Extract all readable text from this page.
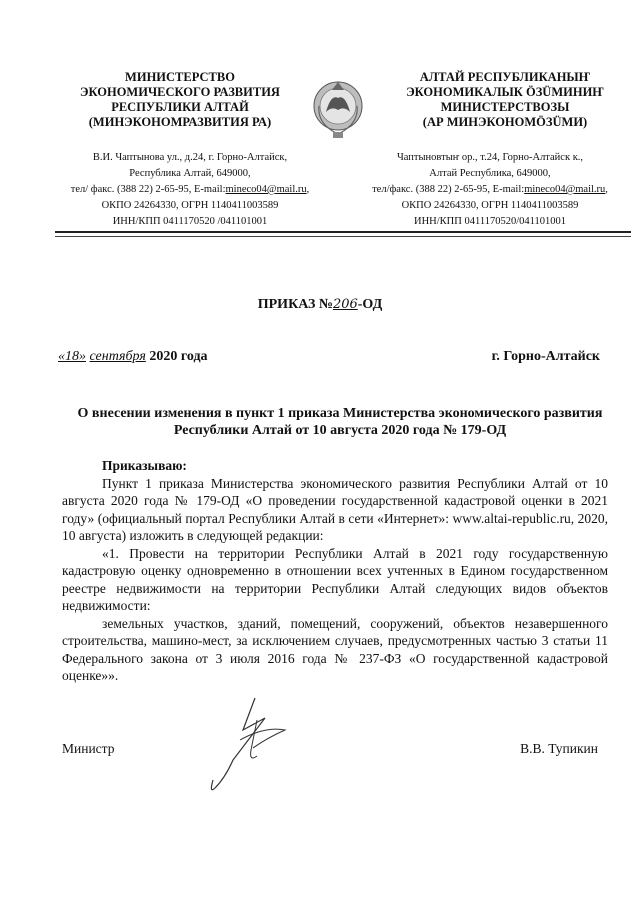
МИНИСТЕРСТВО
ЭКОНОМИЧЕСКОГО РАЗВИТИЯ
РЕСПУБЛИКИ АЛТАЙ
(МИНЭКОНОМРАЗВИТИЯ РА)
АЛТАЙ РЕСПУБЛИКАНЫҤ
ЭКОНОМИКАЛЫК ÖЗÜМИНИҤ
МИНИСТЕРСТВОЗЫ
(АР МИНЭКОНОМÖЗÜМИ)
В.И. Чаптынова ул., д.24, г. Горно-Алтайск,
Республика Алтай, 649000,
тел/ факс. (388 22) 2-65-95, E-mail:mineco04@mail.ru,
ОКПО 24264330, ОГРН 1140411003589
ИНН/КПП 0411170520 /041101001
Чаптыновтыҥ ор., т.24, Горно-Алтайск к.,
Алтай Республика, 649000,
тел/факс. (388 22) 2-65-95, E-mail:mineco04@mail.ru,
ОКПО 24264330, ОГРН 1140411003589
ИНН/КПП 0411170520/041101001
ПРИКАЗ №206-ОД
«18» сентября 2020 года	г. Горно-Алтайск
О внесении изменения в пункт 1 приказа Министерства экономического развития Республики Алтай от 10 августа 2020 года № 179-ОД

Приказываю:

Пункт 1 приказа Министерства экономического развития Республики Алтай от 10 августа 2020 года № 179-ОД «О проведении государственной кадастровой оценки в 2021 году» (официальный портал Республики Алтай в сети «Интернет»: www.altai-republic.ru, 2020, 10 августа) изложить в следующей редакции:

«1. Провести на территории Республики Алтай в 2021 году государственную кадастровую оценку одновременно в отношении всех учтенных в Едином государственном реестре недвижимости на территории Республики Алтай следующих видов объектов недвижимости:

земельных участков, зданий, помещений, сооружений, объектов незавершенного строительства, машино-мест, за исключением случаев, предусмотренных частью 3 статьи 11 Федерального закона от 3 июля 2016 года № 237-ФЗ «О государственной кадастровой оценке»».

Министр	В.В. Тупикин
